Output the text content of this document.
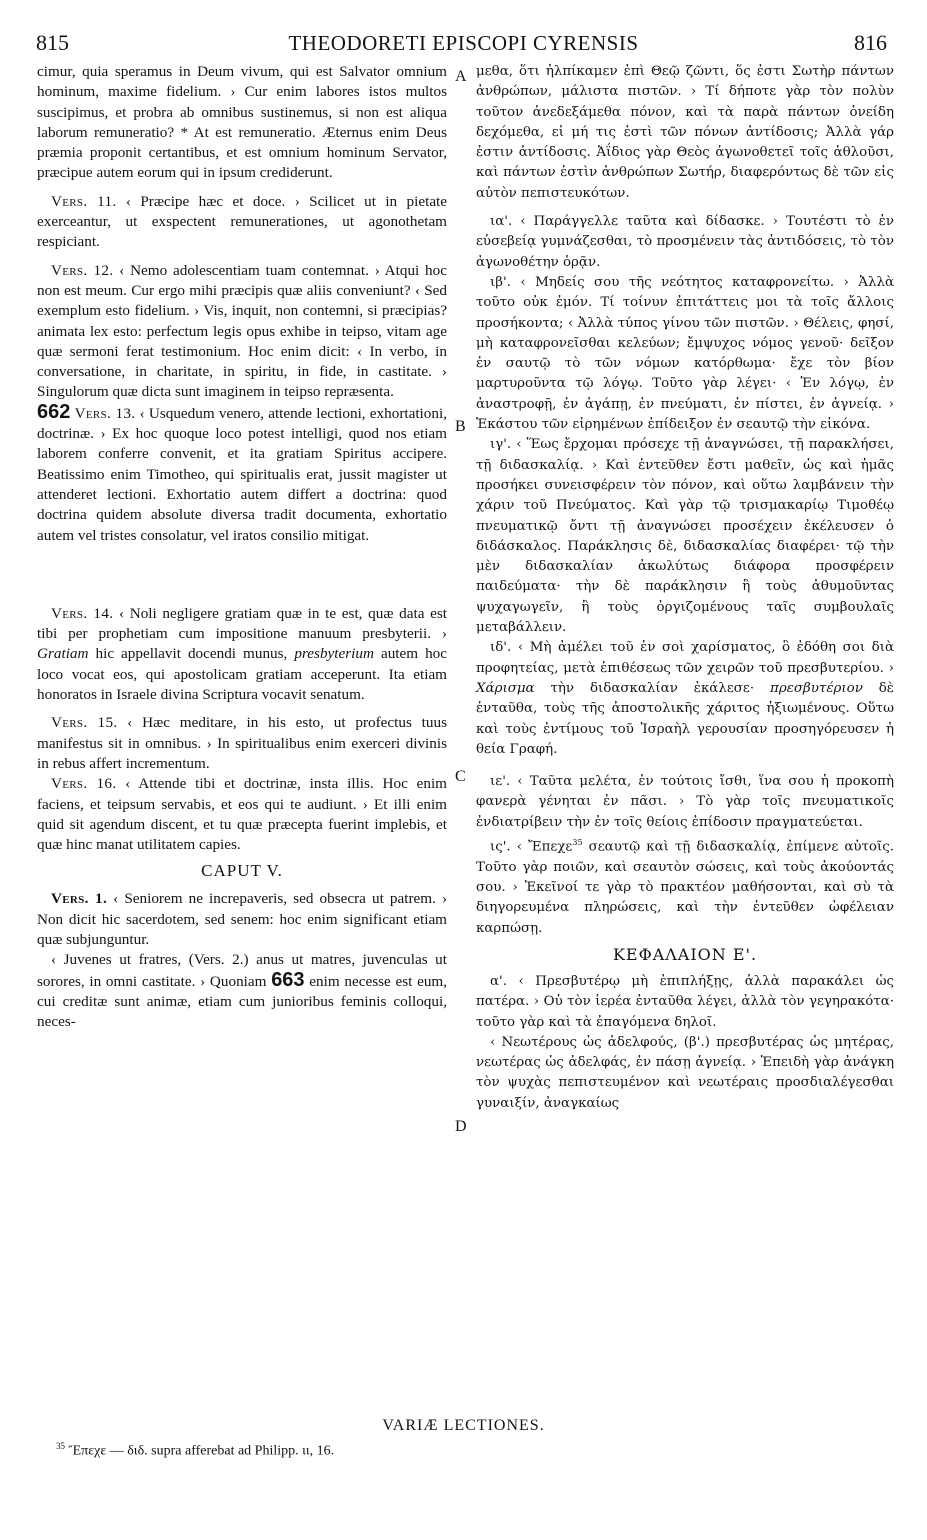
815	THEODORETI EPISCOPI CYRENSIS	816

cimur, quia speramus in Deum vivum, qui est Salvator omnium hominum, maxime fidelium. › Cur enim labores istos multos suscipimus, et probra ab omnibus sustinemus, si non est aliqua laborum remuneratio? * At est remuneratio. Æternus enim Deus præmia proponit certantibus, et est omnium hominum Servator, præcipue autem eorum qui in ipsum crediderunt.

Vers. 11. ‹ Præcipe hæc et doce. › Scilicet ut in pietate exerceantur, ut exspectent remunerationes, ut agonothetam respiciant.

Vers. 12. ‹ Nemo adolescentiam tuam contemnat. › Atqui hoc non est meum. Cur ergo mihi præcipis quæ aliis conveniunt? ‹ Sed exemplum esto fidelium. › Vis, inquit, non contemni, si præcipias? animata lex esto: perfectum legis opus exhibe in teipso, vitam age quæ sermoni ferat testimonium. Hoc enim dicit: ‹ In verbo, in conversatione, in charitate, in spiritu, in fide, in castitate. › Singulorum quæ dicta sunt imaginem in teipso repræsenta.

662 Vers. 13. ‹ Usquedum venero, attende lectioni, exhortationi, doctrinæ. › Ex hoc quoque loco potest intelligi, quod nos etiam laborem conferre convenit, et ita gratiam Spiritus accipere. Beatissimo enim Timotheo, qui spiritualis erat, jussit magister ut attenderet lectioni. Exhortatio autem differt a doctrina: quod doctrina quidem absolute diversa tradit documenta, exhortatio autem vel tristes consolatur, vel iratos consilio mitigat.

Vers. 14. ‹ Noli negligere gratiam quæ in te est, quæ data est tibi per prophetiam cum impositione manuum presbyterii. › Gratiam hic appellavit docendi munus, presbyterium autem hoc loco vocat eos, qui apostolicam gratiam acceperunt. Ita etiam honoratos in Israele divina Scriptura vocavit senatum.

Vers. 15. ‹ Hæc meditare, in his esto, ut profectus tuus manifestus sit in omnibus. › In spiritualibus enim exerceri divinis in rebus affert incrementum.

Vers. 16. ‹ Attende tibi et doctrinæ, insta illis. Hoc enim faciens, et teipsum servabis, et eos qui te audiunt. › Et illi enim quid sit agendum discent, et tu quæ præcepta fuerint implebis, et quæ hinc manat utilitatem capies.

CAPUT V.

Vers. 1. ‹ Seniorem ne increpaveris, sed obsecra ut patrem. › Non dicit hic sacerdotem, sed senem: hoc enim significant etiam quæ subjunguntur.

‹ Juvenes ut fratres, (Vers. 2.) anus ut matres, juvenculas ut sorores, in omni castitate. › Quoniam 663 enim necesse est eum, cui creditæ sunt animæ, etiam cum junioribus feminis colloqui, neces-

A
B
C
D

μεθα, ὅτι ἠλπίκαμεν ἐπὶ Θεῷ ζῶντι, ὅς ἐστι Σωτὴρ πάντων ἀνθρώπων, μάλιστα πιστῶν. › Τί δήποτε γὰρ τὸν πολὺν τοῦτον ἀνεδεξάμεθα πόνον, καὶ τὰ παρὰ πάντων ὀνείδη δεχόμεθα, εἰ μή τις ἐστὶ τῶν πόνων ἀντίδοσις; Ἀλλὰ γάρ ἐστιν ἀντίδοσις. Ἀΐδιος γὰρ Θεὸς ἀγωνοθετεῖ τοῖς ἀθλοῦσι, καὶ πάντων ἐστὶν ἀνθρώπων Σωτήρ, διαφερόντως δὲ τῶν εἰς αὐτὸν πεπιστευκότων.

ια'. ‹ Παράγγελλε ταῦτα καὶ δίδασκε. › Τουτέστι τὸ ἐν εὐσεβείᾳ γυμνάζεσθαι, τὸ προσμένειν τὰς ἀντιδόσεις, τὸ τὸν ἀγωνοθέτην ὁρᾷν.

ιβ'. ‹ Μηδείς σου τῆς νεότητος καταφρονείτω. › Ἀλλὰ τοῦτο οὐκ ἐμόν. Τί τοίνυν ἐπιτάττεις μοι τὰ τοῖς ἄλλοις προσήκοντα; ‹ Ἀλλὰ τύπος γίνου τῶν πιστῶν. › Θέλεις, φησί, μὴ καταφρονεῖσθαι κελεύων; ἔμψυχος νόμος γενοῦ· δεῖξον ἐν σαυτῷ τὸ τῶν νόμων κατόρθωμα· ἔχε τὸν βίον μαρτυροῦντα τῷ λόγῳ. Τοῦτο γὰρ λέγει· ‹ Ἐν λόγῳ, ἐν ἀναστροφῇ, ἐν ἀγάπῃ, ἐν πνεύματι, ἐν πίστει, ἐν ἁγνείᾳ. › Ἑκάστου τῶν εἰρημένων ἐπίδειξον ἐν σεαυτῷ τὴν εἰκόνα.

ιγ'. ‹ Ἕως ἔρχομαι πρόσεχε τῇ ἀναγνώσει, τῇ παρακλήσει, τῇ διδασκαλίᾳ. › Καὶ ἐντεῦθεν ἔστι μαθεῖν, ὡς καὶ ἡμᾶς προσήκει συνεισφέρειν τὸν πόνον, καὶ οὕτω λαμβάνειν τὴν χάριν τοῦ Πνεύματος. Καὶ γὰρ τῷ τρισμακαρίῳ Τιμοθέῳ πνευματικῷ ὄντι τῇ ἀναγνώσει προσέχειν ἐκέλευσεν ὁ διδάσκαλος. Παράκλησις δὲ, διδασκαλίας διαφέρει· τῷ τὴν μὲν διδασκαλίαν ἀκωλύτως διάφορα προσφέρειν παιδεύματα· τὴν δὲ παράκλησιν ἢ τοὺς ἀθυμοῦντας ψυχαγωγεῖν, ἢ τοὺς ὀργιζομένους ταῖς συμβουλαῖς μεταβάλλειν.

ιδ'. ‹ Μὴ ἀμέλει τοῦ ἐν σοὶ χαρίσματος, ὃ ἐδόθη σοι διὰ προφητείας, μετὰ ἐπιθέσεως τῶν χειρῶν τοῦ πρεσβυτερίου. › Χάρισμα τὴν διδασκαλίαν ἐκάλεσε· πρεσβυτέριον δὲ ἐνταῦθα, τοὺς τῆς ἀποστολικῆς χάριτος ἠξιωμένους. Οὕτω καὶ τοὺς ἐντίμους τοῦ Ἰσραὴλ γερουσίαν προσηγόρευσεν ἡ θεία Γραφή.

ιε'. ‹ Ταῦτα μελέτα, ἐν τούτοις ἴσθι, ἵνα σου ἡ προκοπὴ φανερὰ γένηται ἐν πᾶσι. › Τὸ γὰρ τοῖς πνευματικοῖς ἐνδιατρίβειν τὴν ἐν τοῖς θείοις ἐπίδοσιν πραγματεύεται.

ις'. ‹ Ἔπεχε$^{35}$ σεαυτῷ καὶ τῇ διδασκαλίᾳ, ἐπίμενε αὐτοῖς. Τοῦτο γὰρ ποιῶν, καὶ σεαυτὸν σώσεις, καὶ τοὺς ἀκούοντάς σου. › Ἐκεῖνοί τε γὰρ τὸ πρακτέον μαθήσονται, καὶ σὺ τὰ διηγορευμένα πληρώσεις, καὶ τὴν ἐντεῦθεν ὠφέλειαν καρπώσῃ.

ΚΕΦΑΛΑΙΟΝ Ε'.

α'. ‹ Πρεσβυτέρῳ μὴ ἐπιπλήξῃς, ἀλλὰ παρακάλει ὡς πατέρα. › Οὐ τὸν ἱερέα ἐνταῦθα λέγει, ἀλλὰ τὸν γεγηρακότα· τοῦτο γὰρ καὶ τὰ ἐπαγόμενα δηλοῖ.

‹ Νεωτέρους ὡς ἀδελφούς, (β'.) πρεσβυτέρας ὡς μητέρας, νεωτέρας ὡς ἀδελφάς, ἐν πάσῃ ἁγνείᾳ. › Ἐπειδὴ γὰρ ἀνάγκη τὸν ψυχὰς πεπιστευμένον καὶ νεωτέραις προσδιαλέγεσθαι γυναιξίν, ἀναγκαίως

VARIÆ LECTIONES.
$^{35}$ Ἔπεχε — διδ. supra afferebat ad Philipp. ιι, 16.
